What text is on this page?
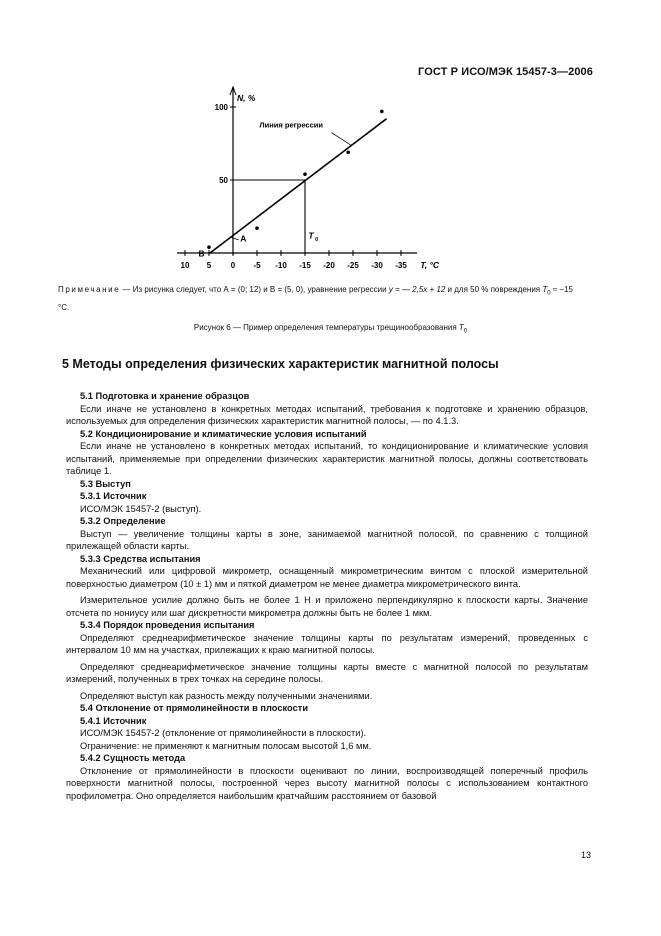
ГОСТ Р ИСО/МЭК 15457-3—2006
10 5 0 -5 -10 -15 -20 -25 -30 -35
50
100
N, %
T, °C
Линия регрессии
A
B
T 0
Примечание — Из рисунка следует, что А = (0; 12) и В = (5, 0), уравнение регрессии y = — 2,5x + 12 и для 50 % повреждения $T_0 \approx -15$ °C.
Рисунок 6 — Пример определения температуры трещинообразования $T_0$
5 Методы определения физических характеристик магнитной полосы
5.1 Подготовка и хранение образцов
Если иначе не установлено в конкретных методах испытаний, требования к подготовке и хранению образцов, используемых для определения физических характеристик магнитной полосы, — по 4.1.3.
5.2 Кондиционирование и климатические условия испытаний
Если иначе не установлено в конкретных методах испытаний, то кондиционирование и климатические условия испытаний, применяемые при определении физических характеристик магнитной полосы, должны соответствовать таблице 1.
5.3 Выступ
5.3.1 Источник
ИСО/МЭК 15457-2 (выступ).
5.3.2 Определение
Выступ — увеличение толщины карты в зоне, занимаемой магнитной полосой, по сравнению с толщиной прилежащей области карты.
5.3.3 Средства испытания
Механический или цифровой микрометр, оснащенный микрометрическим винтом с плоской измерительной поверхностью диаметром (10 ± 1) мм и пяткой диаметром не менее диаметра микрометрического винта.
Измерительное усилие должно быть не более 1 Н и приложено перпендикулярно к плоскости карты. Значение отсчета по нониусу или шаг дискретности микрометра должны быть не более 1 мкм.
5.3.4 Порядок проведения испытания
Определяют среднеарифметическое значение толщины карты по результатам измерений, проведенных с интервалом 10 мм на участках, прилежащих к краю магнитной полосы.
Определяют среднеарифметическое значение толщины карты вместе с магнитной полосой по результатам измерений, полученных в трех точках на середине полосы.
Определяют выступ как разность между полученными значениями.
5.4 Отклонение от прямолинейности в плоскости
5.4.1 Источник
ИСО/МЭК 15457-2 (отклонение от прямолинейности в плоскости).
Ограничение: не применяют к магнитным полосам высотой 1,6 мм.
5.4.2 Сущность метода
Отклонение от прямолинейности в плоскости оценивают по линии, воспроизводящей поперечный профиль поверхности магнитной полосы, построенной через высоту магнитной полосы с использованием контактного профилометра. Оно определяется наибольшим кратчайшим расстоянием от базовой
13
